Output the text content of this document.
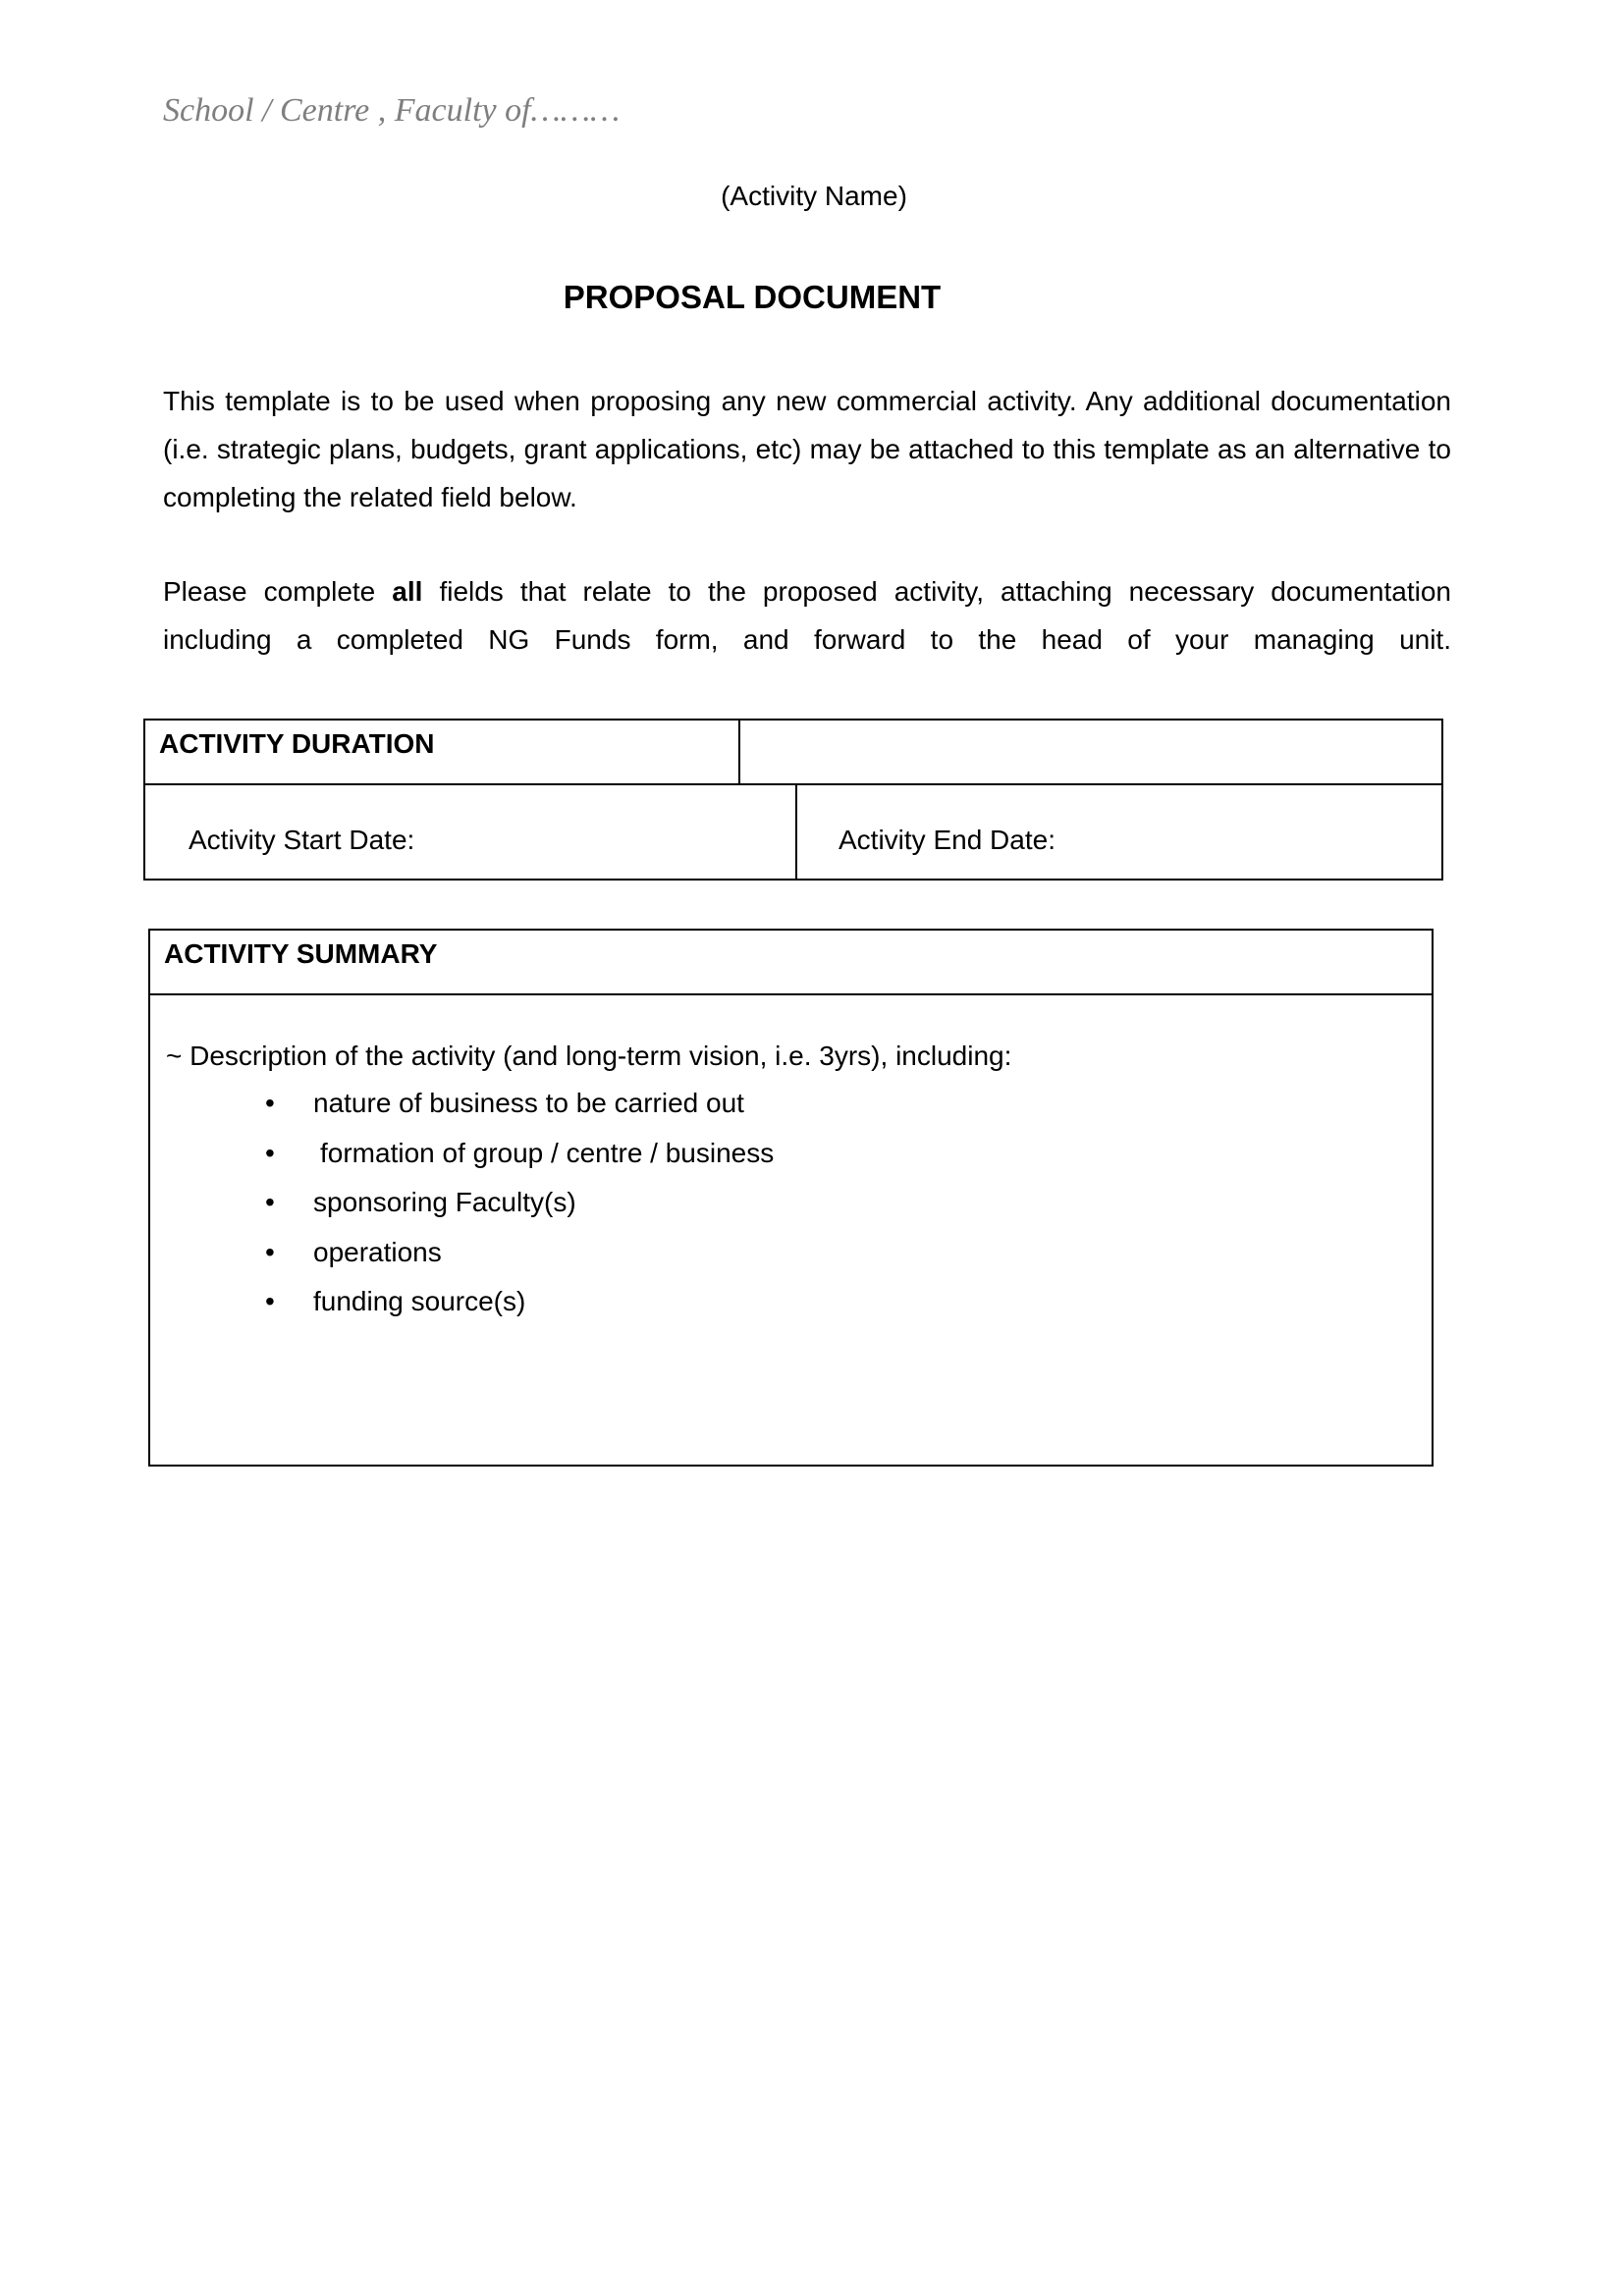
School / Centre , Faculty of………
(Activity Name)
PROPOSAL DOCUMENT
This template is to be used when proposing any new commercial activity. Any additional documentation (i.e. strategic plans, budgets, grant applications, etc) may be attached to this template as an alternative to completing the related field below.
Please complete all fields that relate to the proposed activity, attaching necessary documentation
including a completed NG Funds form, and forward to the head of your managing unit.
ACTIVITY DURATION
Activity Start Date:	Activity End Date:
ACTIVITY SUMMARY
~ Description of the activity (and long-term vision, i.e. 3yrs), including:
• nature of business to be carried out
• formation of group / centre / business
• sponsoring Faculty(s)
• operations
• funding source(s)
